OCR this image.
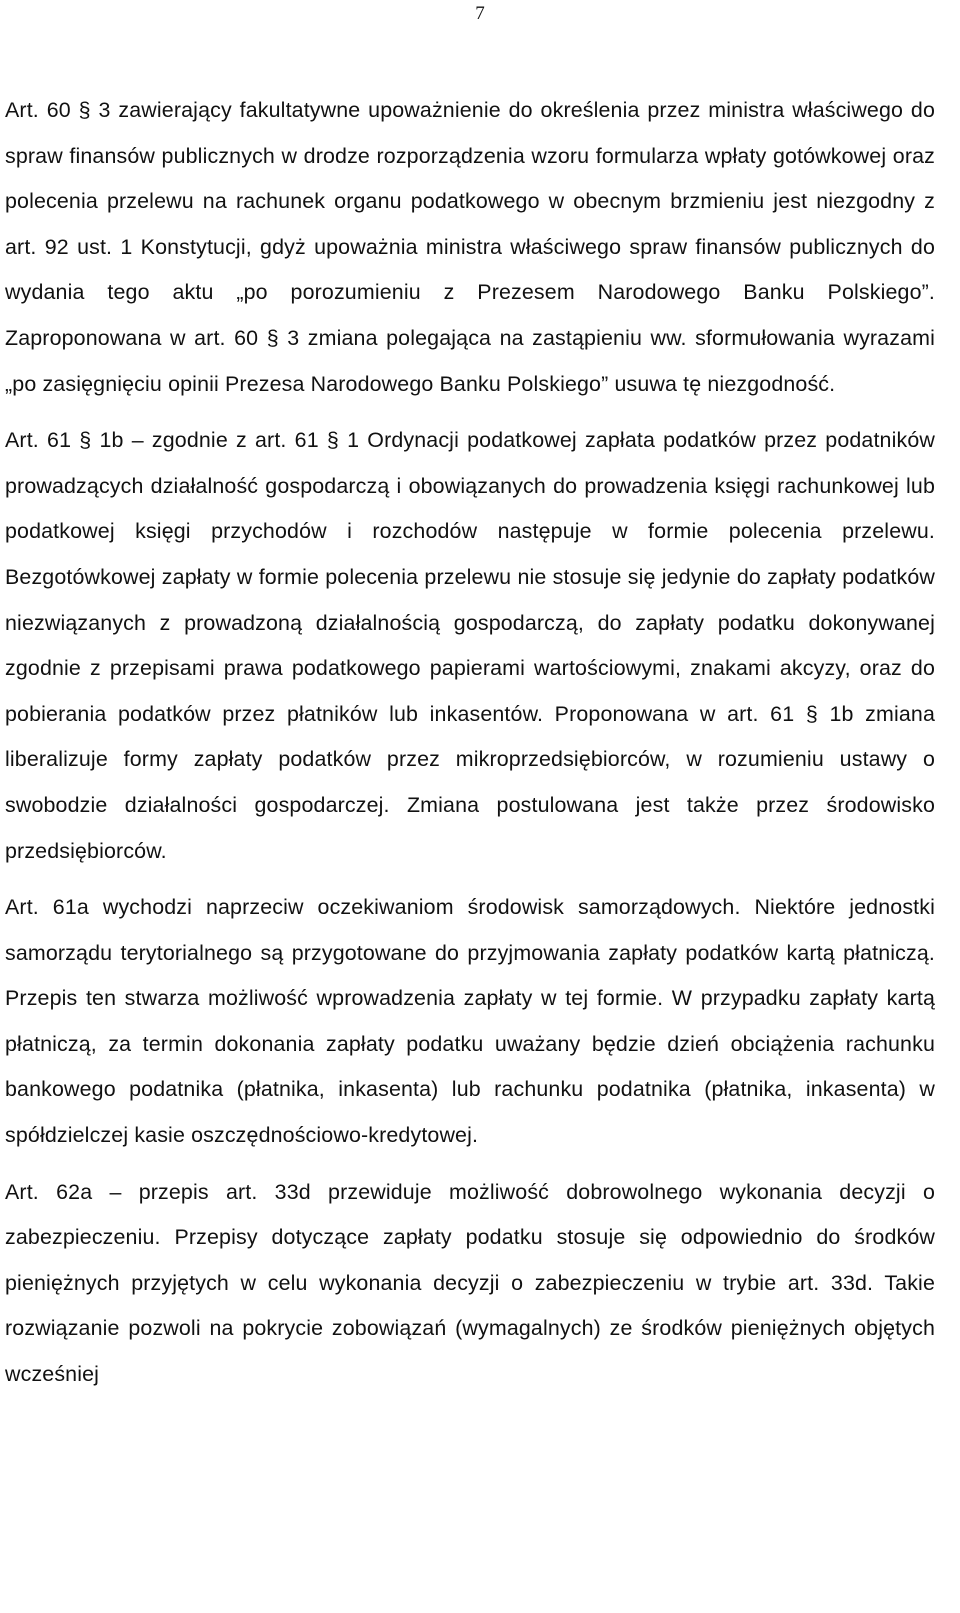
7

Art. 60 § 3 zawierający fakultatywne upoważnienie do określenia przez ministra właściwego do spraw finansów publicznych w drodze rozporządzenia wzoru formularza wpłaty gotówkowej oraz polecenia przelewu na rachunek organu podatkowego w obecnym brzmieniu jest niezgodny z art. 92 ust. 1 Konstytucji, gdyż upoważnia ministra właściwego spraw finansów publicznych do wydania tego aktu „po porozumieniu z Prezesem Narodowego Banku Polskiego”. Zaproponowana w art. 60 § 3 zmiana polegająca na zastąpieniu ww. sformułowania wyrazami „po zasięgnięciu opinii Prezesa Narodowego Banku Polskiego” usuwa tę niezgodność.

Art. 61 § 1b – zgodnie z art. 61 § 1 Ordynacji podatkowej zapłata podatków przez podatników prowadzących działalność gospodarczą i obowiązanych do prowadzenia księgi rachunkowej lub podatkowej księgi przychodów i rozchodów następuje w formie polecenia przelewu. Bezgotówkowej zapłaty w formie polecenia przelewu nie stosuje się jedynie do zapłaty podatków niezwiązanych z prowadzoną działalnością gospodarczą, do zapłaty podatku dokonywanej zgodnie z przepisami prawa podatkowego papierami wartościowymi, znakami akcyzy, oraz do pobierania podatków przez płatników lub inkasentów. Proponowana w art. 61 § 1b zmiana liberalizuje formy zapłaty podatków przez mikroprzedsiębiorców, w rozumieniu ustawy o swobodzie działalności gospodarczej. Zmiana postulowana jest także przez środowisko przedsiębiorców.

Art. 61a wychodzi naprzeciw oczekiwaniom środowisk samorządowych. Niektóre jednostki samorządu terytorialnego są przygotowane do przyjmowania zapłaty podatków kartą płatniczą. Przepis ten stwarza możliwość wprowadzenia zapłaty w tej formie. W przypadku zapłaty kartą płatniczą, za termin dokonania zapłaty podatku uważany będzie dzień obciążenia rachunku bankowego podatnika (płatnika, inkasenta) lub rachunku podatnika (płatnika, inkasenta) w spółdzielczej kasie oszczędnościowo-kredytowej.

Art. 62a – przepis art. 33d przewiduje możliwość dobrowolnego wykonania decyzji o zabezpieczeniu. Przepisy dotyczące zapłaty podatku stosuje się odpowiednio do środków pieniężnych przyjętych w celu wykonania decyzji o zabezpieczeniu w trybie art. 33d. Takie rozwiązanie pozwoli na pokrycie zobowiązań (wymagalnych) ze środków pieniężnych objętych wcześniej
